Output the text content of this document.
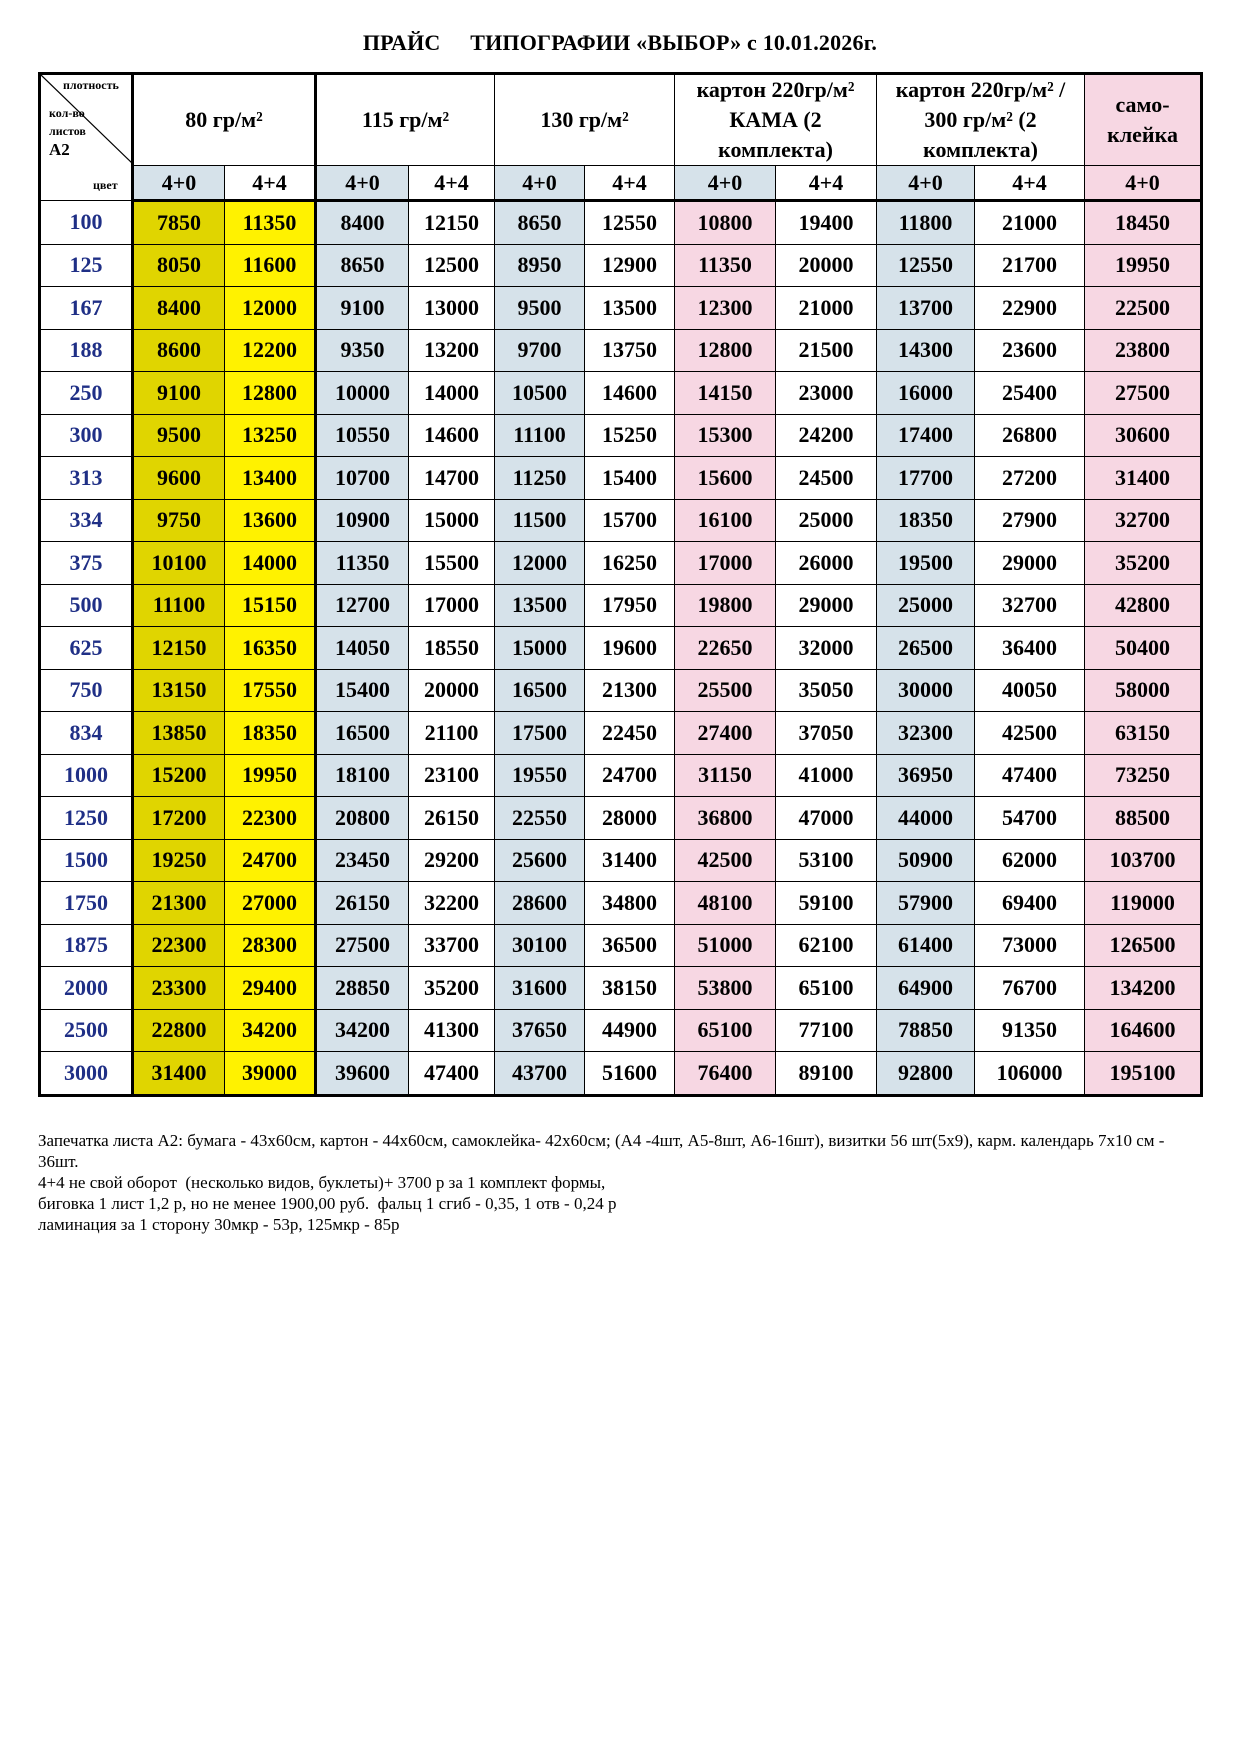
ПРАЙС ТИПОГРАФИИ «ВЫБОР» с 10.01.2026г.
плотность
кол-во
листов
А2
цвет	80 гр/м²		115 гр/м²		130 гр/м²		картон 220гр/м² КАМА (2 комплекта)		картон 220гр/м² / 300 гр/м² (2 комплекта)		само-клейка
	4+0	4+4	4+0	4+4	4+0	4+4	4+0	4+4	4+0	4+4	4+0
100	7850	11350	8400	12150	8650	12550	10800	19400	11800	21000	18450
125	8050	11600	8650	12500	8950	12900	11350	20000	12550	21700	19950
167	8400	12000	9100	13000	9500	13500	12300	21000	13700	22900	22500
188	8600	12200	9350	13200	9700	13750	12800	21500	14300	23600	23800
250	9100	12800	10000	14000	10500	14600	14150	23000	16000	25400	27500
300	9500	13250	10550	14600	11100	15250	15300	24200	17400	26800	30600
313	9600	13400	10700	14700	11250	15400	15600	24500	17700	27200	31400
334	9750	13600	10900	15000	11500	15700	16100	25000	18350	27900	32700
375	10100	14000	11350	15500	12000	16250	17000	26000	19500	29000	35200
500	11100	15150	12700	17000	13500	17950	19800	29000	25000	32700	42800
625	12150	16350	14050	18550	15000	19600	22650	32000	26500	36400	50400
750	13150	17550	15400	20000	16500	21300	25500	35050	30000	40050	58000
834	13850	18350	16500	21100	17500	22450	27400	37050	32300	42500	63150
1000	15200	19950	18100	23100	19550	24700	31150	41000	36950	47400	73250
1250	17200	22300	20800	26150	22550	28000	36800	47000	44000	54700	88500
1500	19250	24700	23450	29200	25600	31400	42500	53100	50900	62000	103700
1750	21300	27000	26150	32200	28600	34800	48100	59100	57900	69400	119000
1875	22300	28300	27500	33700	30100	36500	51000	62100	61400	73000	126500
2000	23300	29400	28850	35200	31600	38150	53800	65100	64900	76700	134200
2500	22800	34200	34200	41300	37650	44900	65100	77100	78850	91350	164600
3000	31400	39000	39600	47400	43700	51600	76400	89100	92800	106000	195100
Запечатка листа А2: бумага - 43х60см, картон - 44х60см, самоклейка- 42х60см; (А4 -4шт, А5-8шт, А6-16шт), визитки 56 шт(5х9), карм. календарь 7х10 см - 36шт.
4+4 не свой оборот  (несколько видов, буклеты)+ 3700 р за 1 комплект формы,
биговка 1 лист 1,2 р, но не менее 1900,00 руб.  фальц 1 сгиб - 0,35, 1 отв - 0,24 р
ламинация за 1 сторону 30мкр - 53р, 125мкр - 85р
